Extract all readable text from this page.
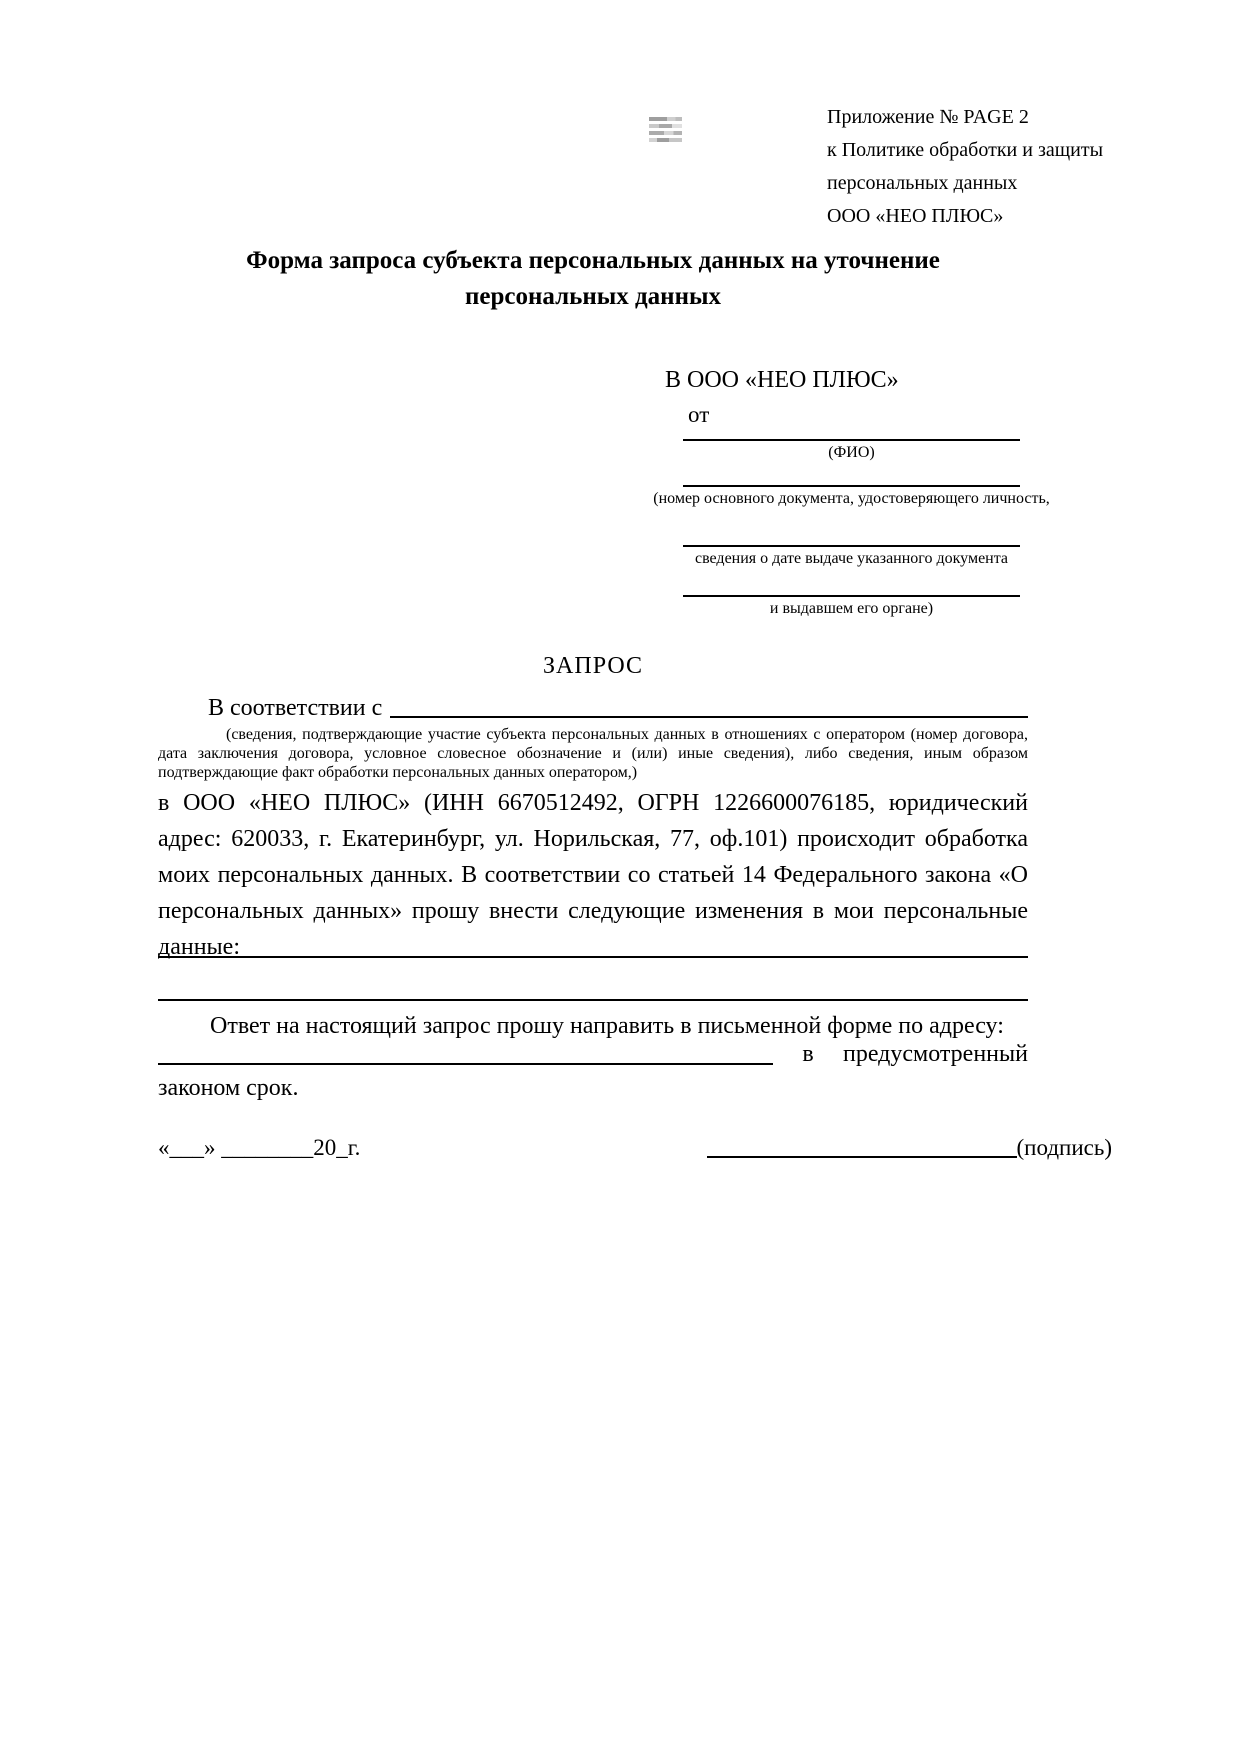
Приложение № PAGE 2
к Политике обработки и защиты
персональных данных
ООО «НЕО ПЛЮС»
Форма запроса субъекта персональных данных на уточнение
персональных данных
В ООО «НЕО ПЛЮС»
от
(ФИО)
(номер основного документа, удостоверяющего личность,
сведения о дате выдаче указанного документа
и выдавшем его органе)
ЗАПРОС
В соответствии с
(сведения, подтверждающие участие субъекта персональных данных в отношениях с оператором (номер договора, дата заключения договора, условное словесное обозначение и (или) иные сведения), либо сведения, иным образом подтверждающие факт обработки персональных данных оператором,)
в ООО «НЕО ПЛЮС» (ИНН 6670512492, ОГРН 1226600076185, юридический адрес: 620033, г. Екатеринбург, ул. Норильская, 77, оф.101) происходит обработка моих персональных данных. В соответствии со статьей 14 Федерального закона «О персональных данных» прошу внести следующие изменения в мои персональные данные:
Ответ на настоящий запрос прошу направить в письменной форме по адресу:
в предусмотренный
законом срок.
«___» ________20_г.	(подпись)
